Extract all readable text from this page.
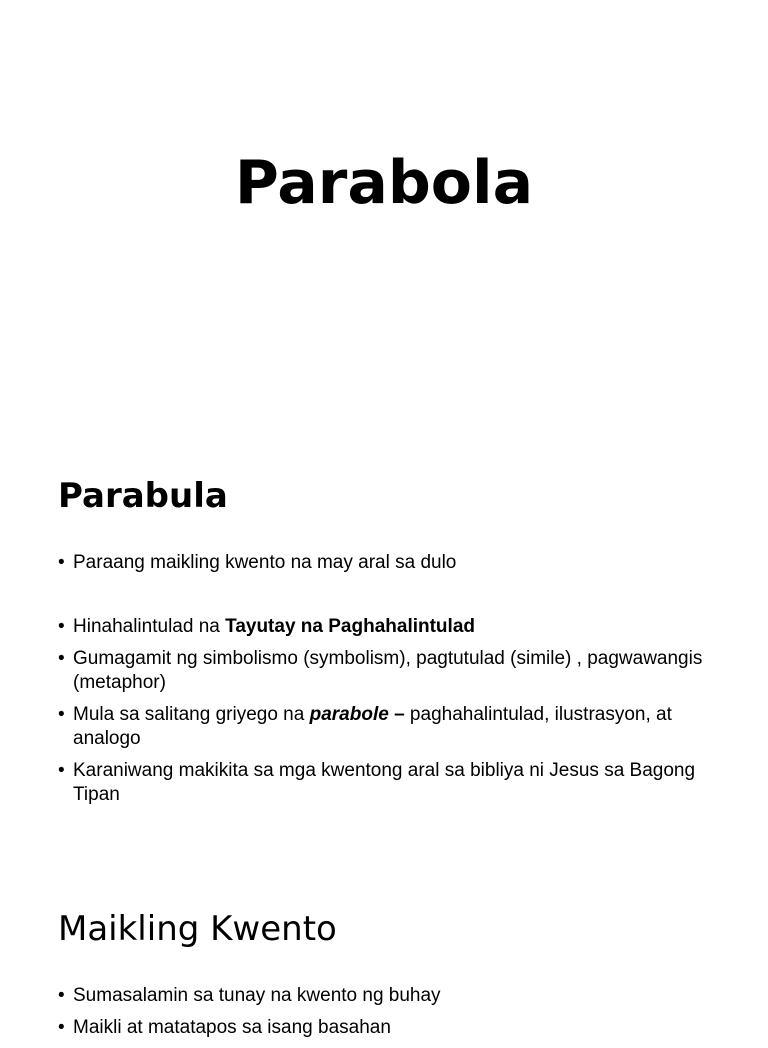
Parabola
Parabula
• Paraang maikling kwento na may aral sa dulo
• Hinahalintulad na Tayutay na Paghahalintulad
• Gumagamit ng simbolismo (symbolism), pagtutulad (simile) , pagwawangis (metaphor)
• Mula sa salitang griyego na parabole – paghahalintulad, ilustrasyon, at analogo
• Karaniwang makikita sa mga kwentong aral sa bibliya ni Jesus sa Bagong Tipan
Maikling Kwento
• Sumasalamin sa tunay na kwento ng buhay
• Maikli at matatapos sa isang basahan
